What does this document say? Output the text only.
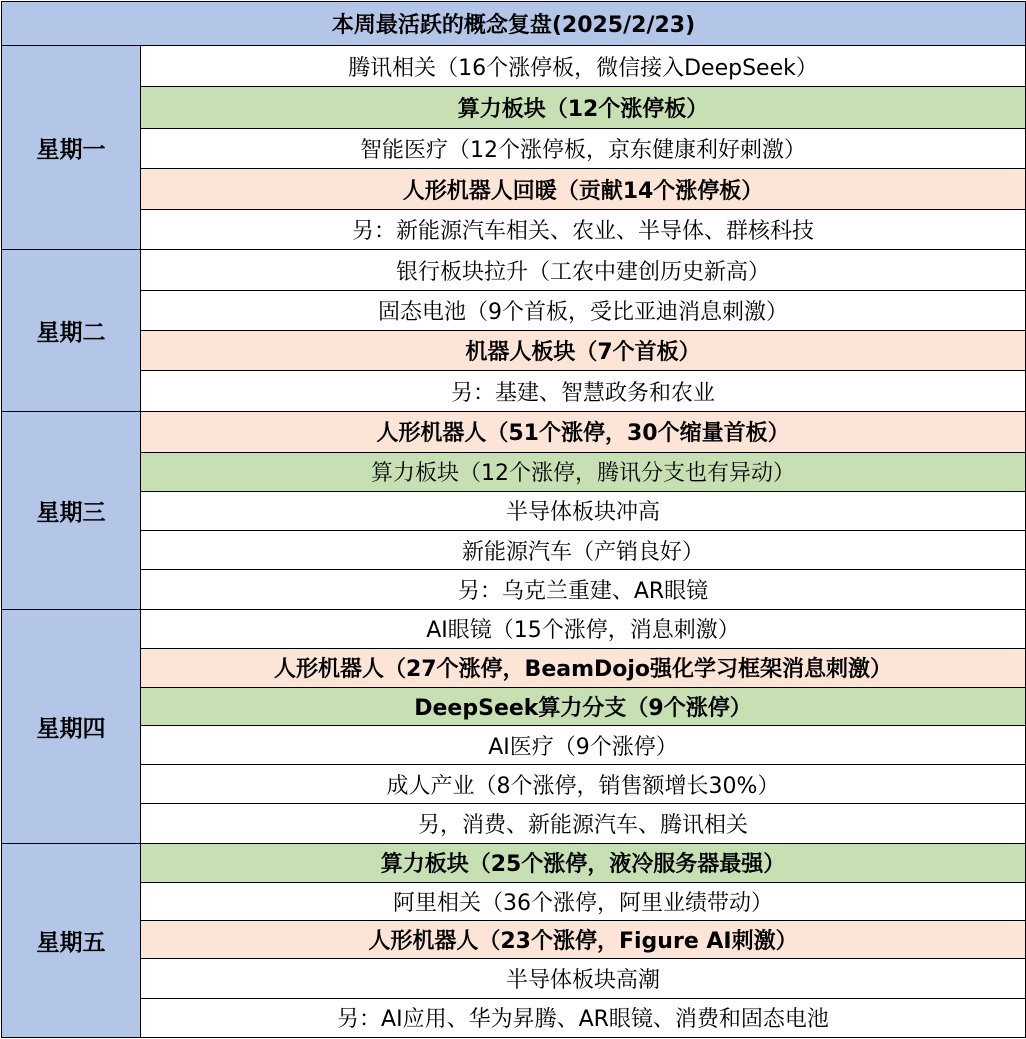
本周最活跃的概念复盘(2025/2/23)	
星期一	腾讯相关（16个涨停板，微信接入DeepSeek）
	算力板块（12个涨停板）
	智能医疗（12个涨停板，京东健康利好刺激）
	人形机器人回暖（贡献14个涨停板）
	另：新能源汽车相关、农业、半导体、群核科技
星期二	银行板块拉升（工农中建创历史新高）
	固态电池（9个首板，受比亚迪消息刺激）
	机器人板块（7个首板）
	另：基建、智慧政务和农业
星期三	人形机器人（51个涨停，30个缩量首板）
	算力板块（12个涨停，腾讯分支也有异动）
	半导体板块冲高
	新能源汽车（产销良好）
	另：乌克兰重建、AR眼镜
星期四	AI眼镜（15个涨停，消息刺激）
	人形机器人（27个涨停，BeamDojo强化学习框架消息刺激）
	DeepSeek算力分支（9个涨停）
	AI医疗（9个涨停）
	成人产业（8个涨停，销售额增长30%）
	另，消费、新能源汽车、腾讯相关
星期五	算力板块（25个涨停，液冷服务器最强）
	阿里相关（36个涨停，阿里业绩带动）
	人形机器人（23个涨停，Figure AI刺激）
	半导体板块高潮
	另：AI应用、华为昇腾、AR眼镜、消费和固态电池
